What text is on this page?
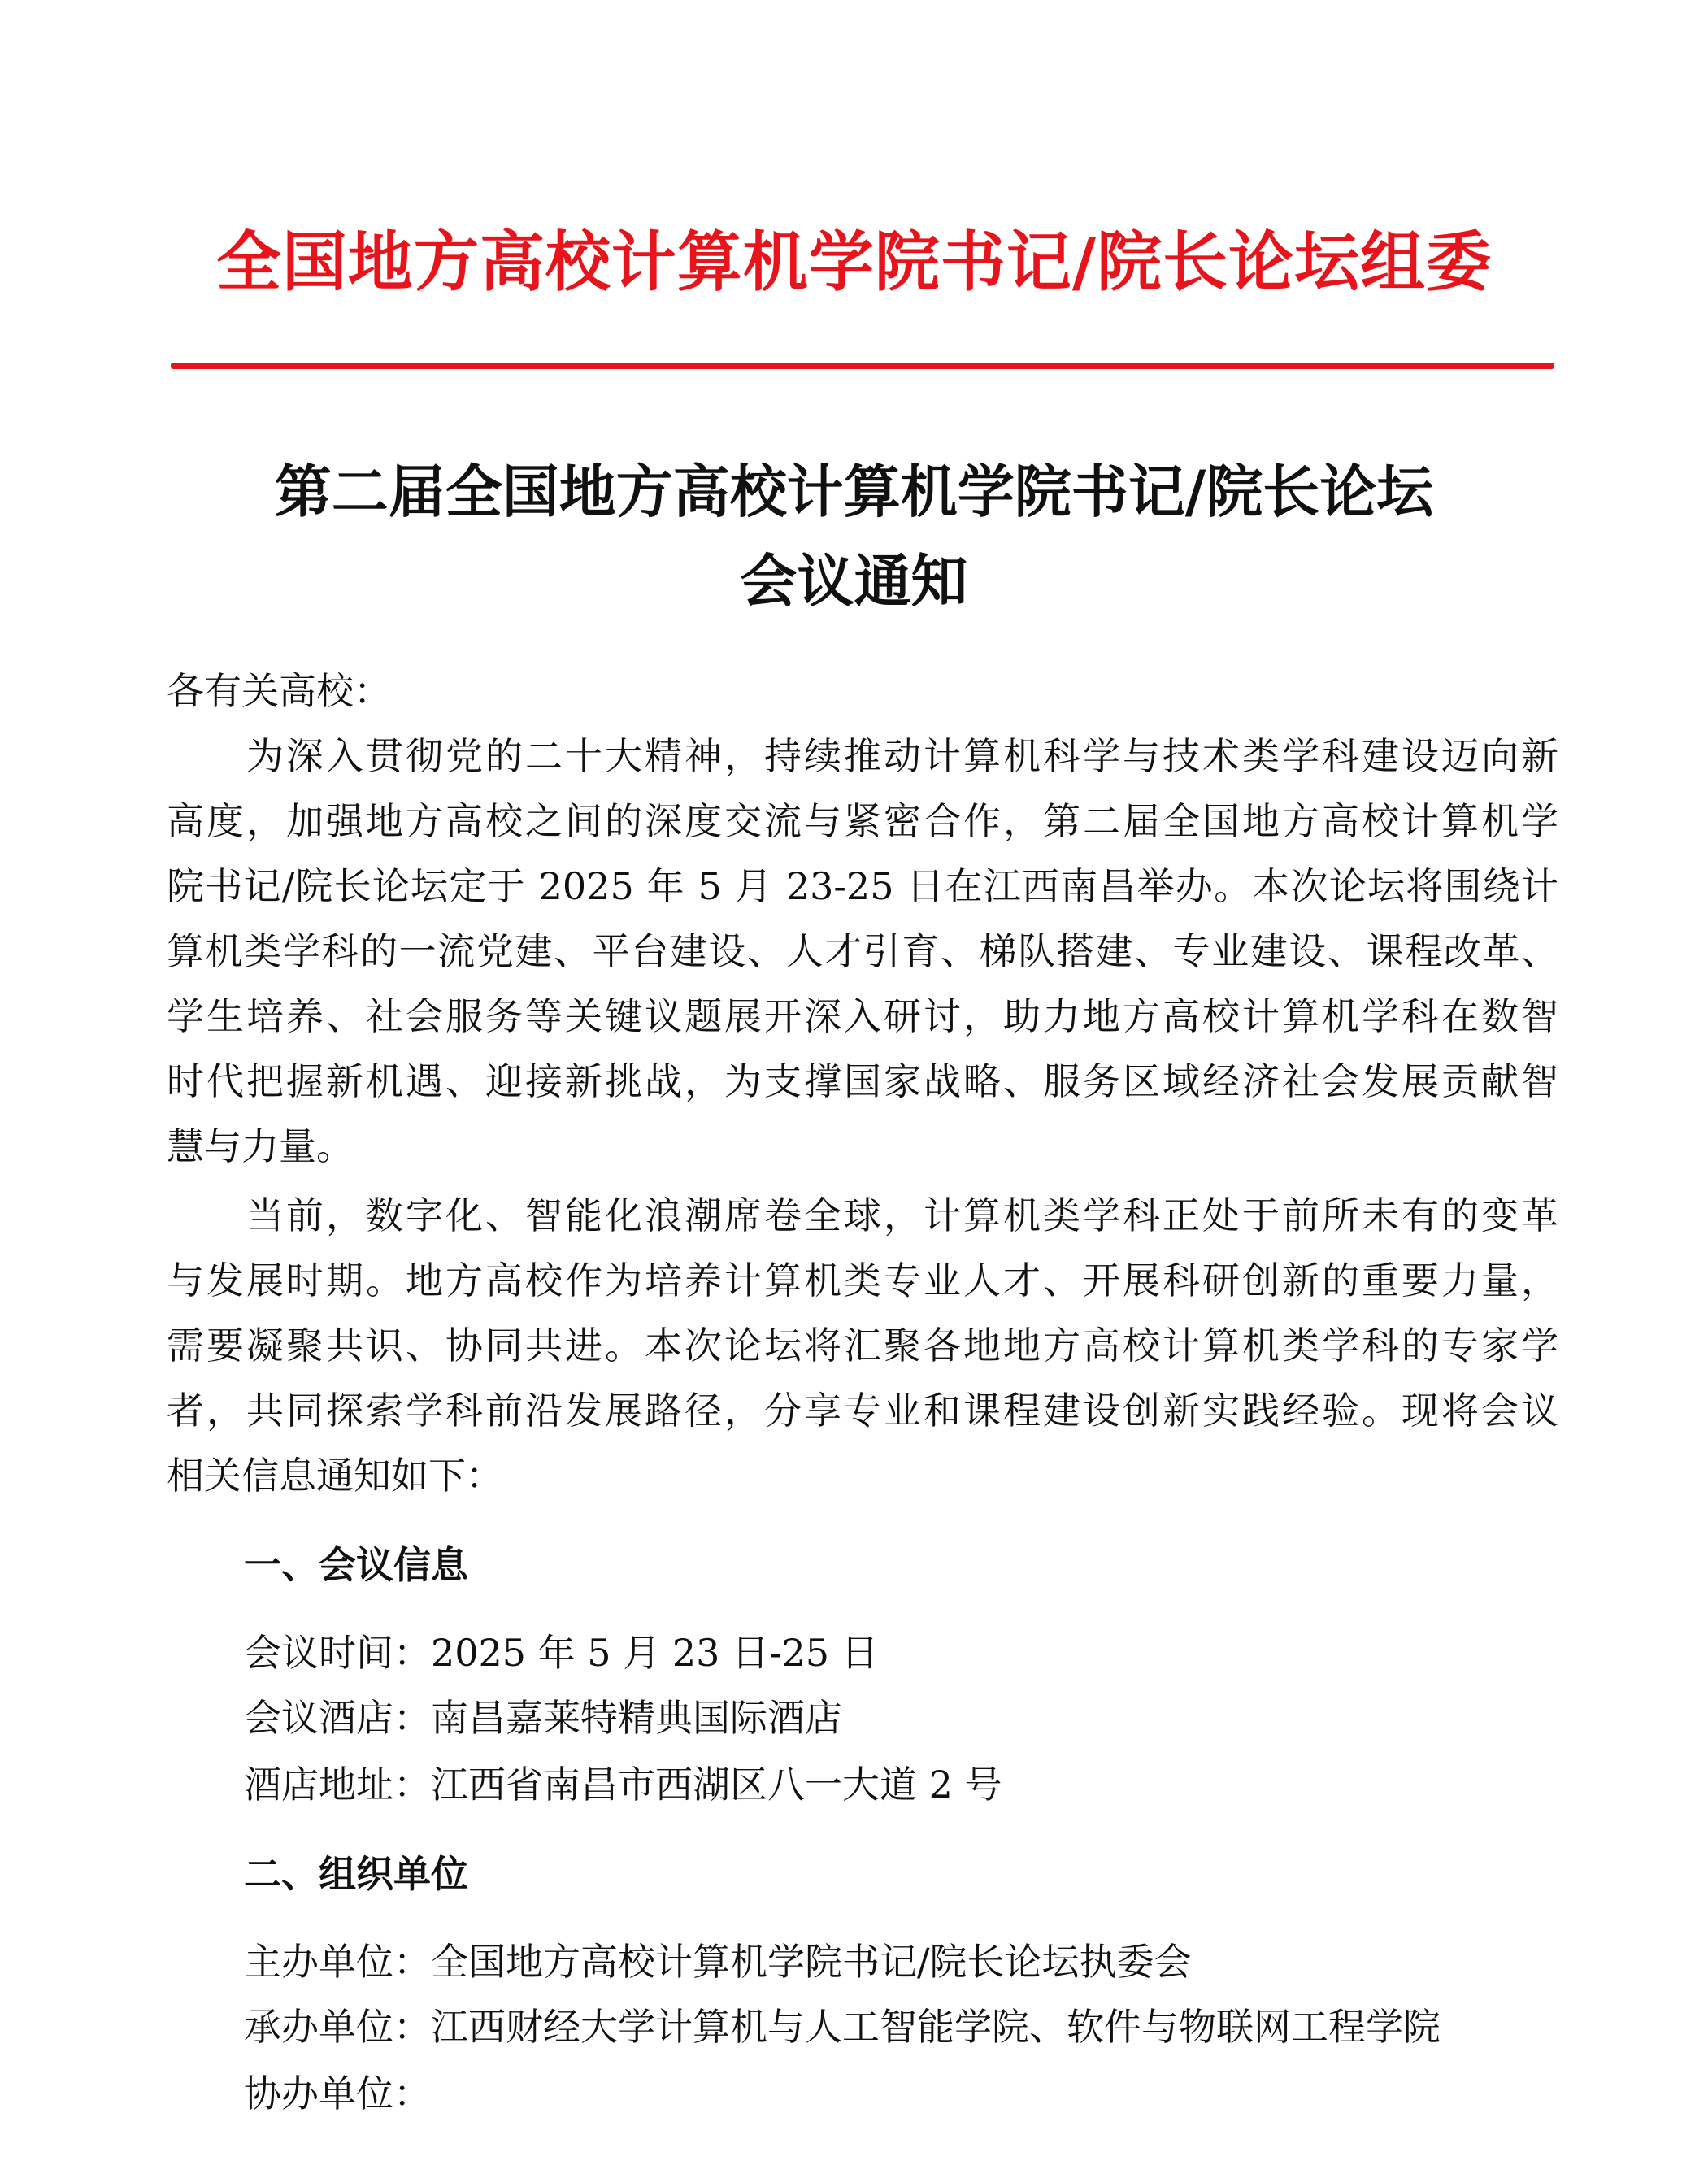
全国地方高校计算机学院书记/院长论坛组委
第二届全国地方高校计算机学院书记/院长论坛
会议通知
各有关高校：
　　为深入贯彻党的二十大精神，持续推动计算机科学与技术类学科建设迈向新
高度，加强地方高校之间的深度交流与紧密合作，第二届全国地方高校计算机学
院书记/院长论坛定于 2025 年 5 月 23-25 日在江西南昌举办。本次论坛将围绕计
算机类学科的一流党建、平台建设、人才引育、梯队搭建、专业建设、课程改革、
学生培养、社会服务等关键议题展开深入研讨，助力地方高校计算机学科在数智
时代把握新机遇、迎接新挑战，为支撑国家战略、服务区域经济社会发展贡献智
慧与力量。
　　当前，数字化、智能化浪潮席卷全球，计算机类学科正处于前所未有的变革
与发展时期。地方高校作为培养计算机类专业人才、开展科研创新的重要力量，
需要凝聚共识、协同共进。本次论坛将汇聚各地地方高校计算机类学科的专家学
者，共同探索学科前沿发展路径，分享专业和课程建设创新实践经验。现将会议
相关信息通知如下：
一、会议信息
会议时间：2025 年 5 月 23 日-25 日
会议酒店：南昌嘉莱特精典国际酒店
酒店地址：江西省南昌市西湖区八一大道 2 号
二、组织单位
主办单位：全国地方高校计算机学院书记/院长论坛执委会
承办单位：江西财经大学计算机与人工智能学院、软件与物联网工程学院
协办单位：
